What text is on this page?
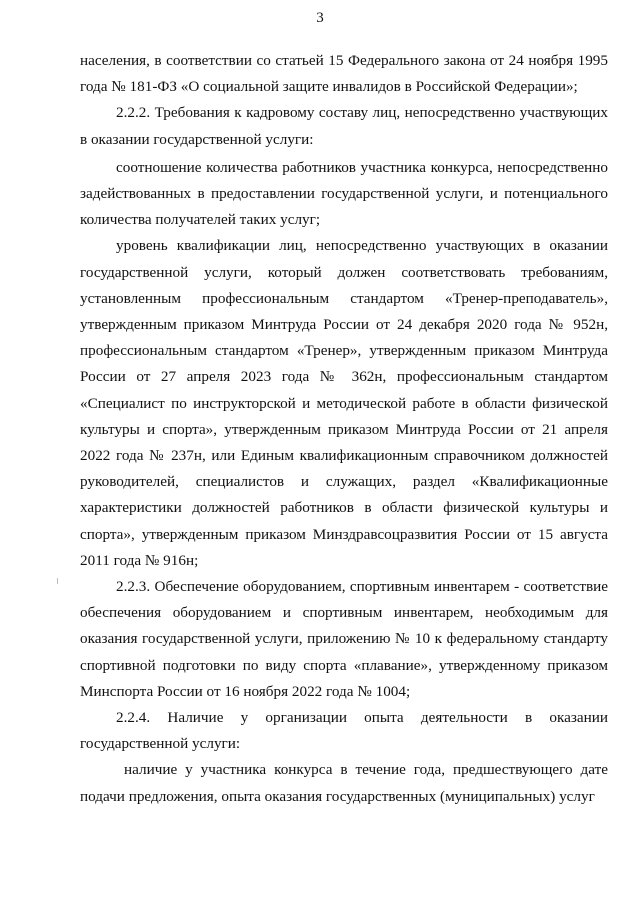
3

населения, в соответствии со статьей 15 Федерального закона от 24 ноября 1995 года № 181-ФЗ «О социальной защите инвалидов в Российской Федерации»;

2.2.2. Требования к кадровому составу лиц, непосредственно участвующих в оказании государственной услуги:

соотношение количества работников участника конкурса, непосредственно задействованных в предоставлении государственной услуги, и потенциального количества получателей таких услуг;

уровень квалификации лиц, непосредственно участвующих в оказании государственной услуги, который должен соответствовать требованиям, установленным профессиональным стандартом «Тренер-преподаватель», утвержденным приказом Минтруда России от 24 декабря 2020 года № 952н, профессиональным стандартом «Тренер», утвержденным приказом Минтруда России от 27 апреля 2023 года № 362н, профессиональным стандартом «Специалист по инструкторской и методической работе в области физической культуры и спорта», утвержденным приказом Минтруда России от 21 апреля 2022 года № 237н, или Единым квалификационным справочником должностей руководителей, специалистов и служащих, раздел «Квалификационные характеристики должностей работников в области физической культуры и спорта», утвержденным приказом Минздравсоцразвития России от 15 августа 2011 года № 916н;

2.2.3. Обеспечение оборудованием, спортивным инвентарем - соответствие обеспечения оборудованием и спортивным инвентарем, необходимым для оказания государственной услуги, приложению № 10 к федеральному стандарту спортивной подготовки по виду спорта «плавание», утвержденному приказом Минспорта России от 16 ноября 2022 года № 1004;

2.2.4. Наличие у организации опыта деятельности в оказании государственной услуги:

наличие у участника конкурса в течение года, предшествующего дате подачи предложения, опыта оказания государственных (муниципальных) услуг
